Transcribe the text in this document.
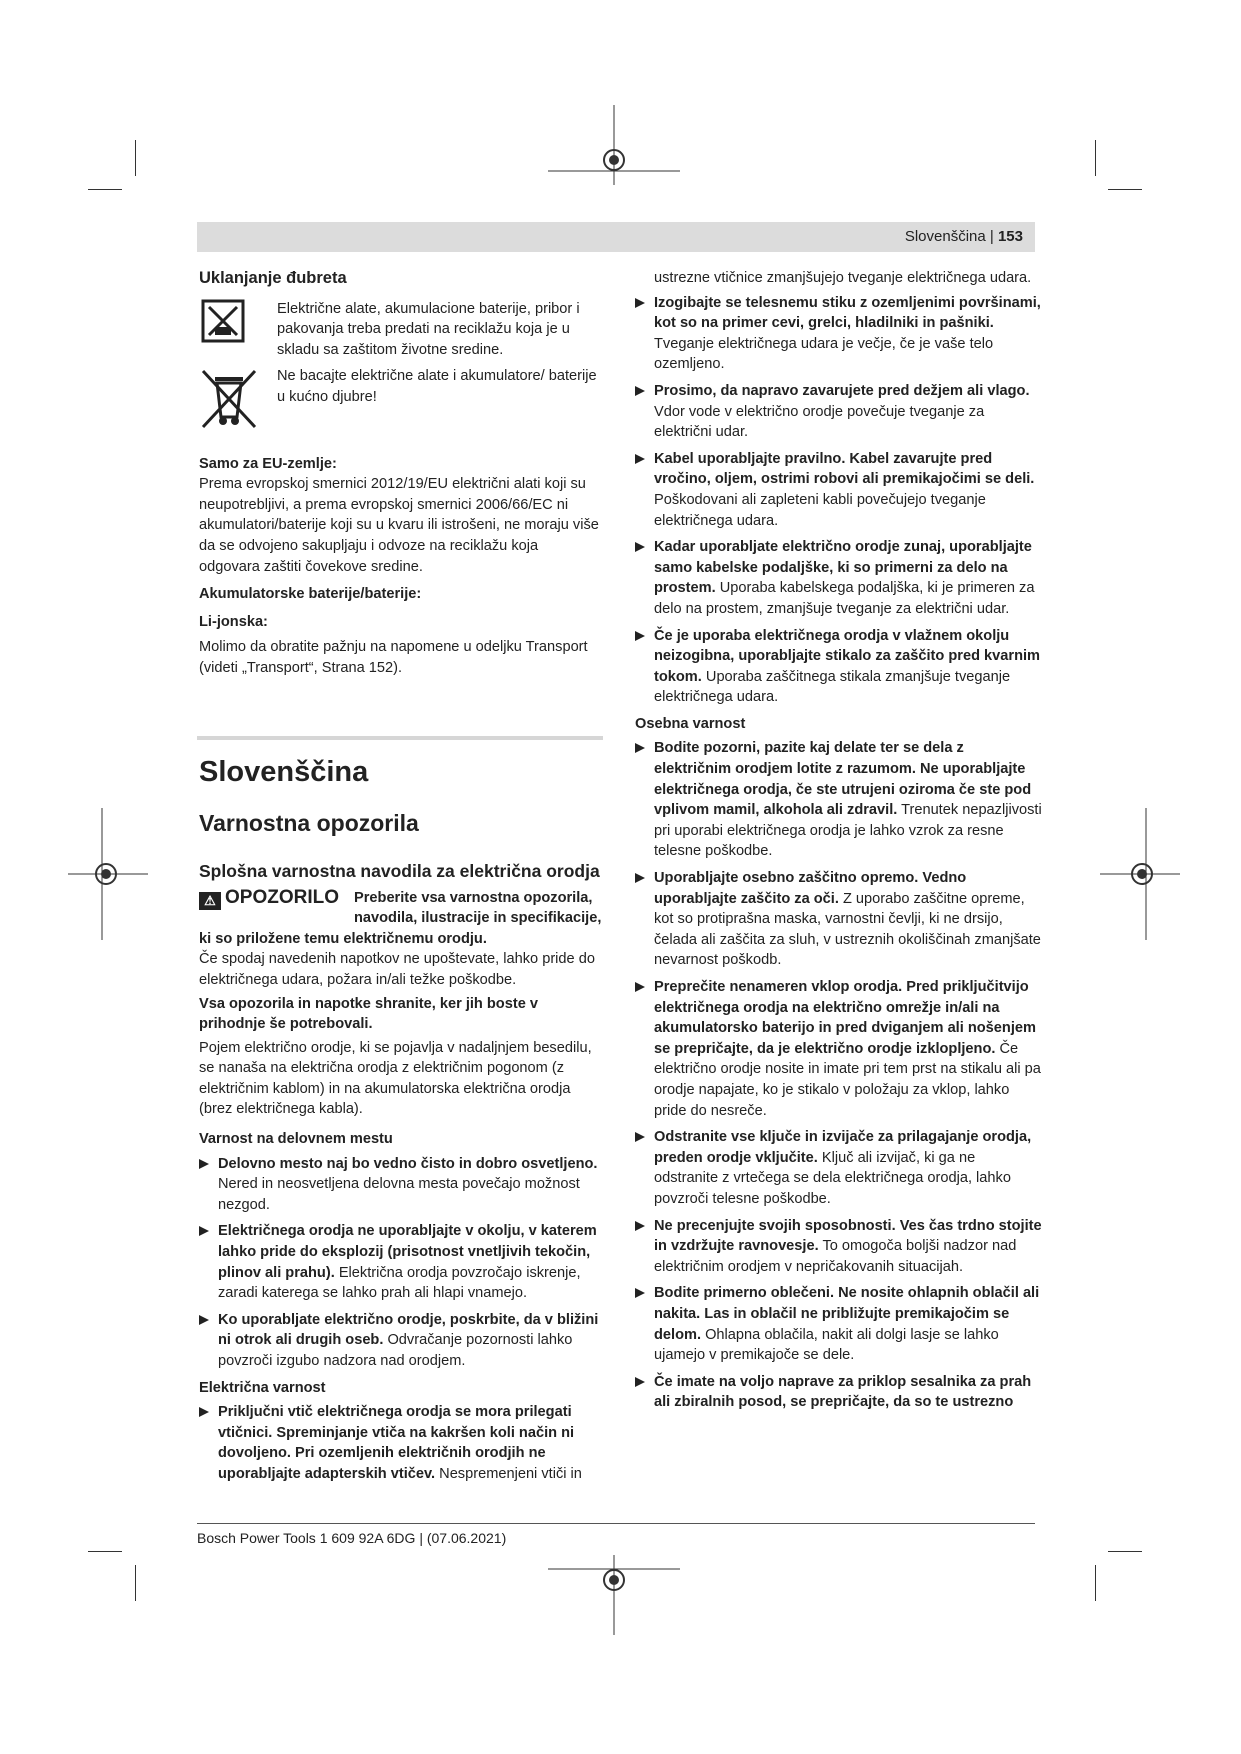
Slovenščina | 153

Uklanjanje đubreta

Električne alate, akumulacione baterije, pribor i pakovanja treba predati na reciklažu koja je u skladu sa zaštitom životne sredine.

Ne bacajte električne alate i akumulatore/ baterije u kućno djubre!

Samo za EU-zemlje:

Prema evropskoj smernici 2012/19/EU električni alati koji su neupotrebljivi, a prema evropskoj smernici 2006/66/EC ni akumulatori/baterije koji su u kvaru ili istrošeni, ne moraju više da se odvojeno sakupljaju i odvoze na reciklažu koja odgovara zaštiti čovekove sredine.

Akumulatorske baterije/baterije:

Li-jonska:

Molimo da obratite pažnju na napomene u odeljku Transport (videti „Transport“, Strana 152).

Slovenščina

Varnostna opozorila

Splošna varnostna navodila za električna orodja

⚠ OPOZORILO	Preberite vsa varnostna opozorila, navodila, ilustracije in specifikacije, ki so priložene temu električnemu orodju.

Če spodaj navedenih napotkov ne upoštevate, lahko pride do električnega udara, požara in/ali težke poškodbe.

Vsa opozorila in napotke shranite, ker jih boste v prihodnje še potrebovali.

Pojem električno orodje, ki se pojavlja v nadaljnjem besedilu, se nanaša na električna orodja z električnim pogonom (z električnim kablom) in na akumulatorska električna orodja (brez električnega kabla).

Varnost na delovnem mestu

Delovno mesto naj bo vedno čisto in dobro osvetljeno. Nered in neosvetljena delovna mesta povečajo možnost nezgod.

Električnega orodja ne uporabljajte v okolju, v katerem lahko pride do eksplozij (prisotnost vnetljivih tekočin, plinov ali prahu). Električna orodja povzročajo iskrenje, zaradi katerega se lahko prah ali hlapi vnamejo.

Ko uporabljate električno orodje, poskrbite, da v bližini ni otrok ali drugih oseb. Odvračanje pozornosti lahko povzroči izgubo nadzora nad orodjem.

Električna varnost

Priključni vtič električnega orodja se mora prilegati vtičnici. Spreminjanje vtiča na kakršen koli način ni dovoljeno. Pri ozemljenih električnih orodjih ne uporabljajte adapterskih vtičev. Nespremenjeni vtiči in

ustrezne vtičnice zmanjšujejo tveganje električnega udara.

Izogibajte se telesnemu stiku z ozemljenimi površinami, kot so na primer cevi, grelci, hladilniki in pašniki. Tveganje električnega udara je večje, če je vaše telo ozemljeno.

Prosimo, da napravo zavarujete pred dežjem ali vlago. Vdor vode v električno orodje povečuje tveganje za električni udar.

Kabel uporabljajte pravilno. Kabel zavarujte pred vročino, oljem, ostrimi robovi ali premikajočimi se deli. Poškodovani ali zapleteni kabli povečujejo tveganje električnega udara.

Kadar uporabljate električno orodje zunaj, uporabljajte samo kabelske podaljške, ki so primerni za delo na prostem. Uporaba kabelskega podaljška, ki je primeren za delo na prostem, zmanjšuje tveganje za električni udar.

Če je uporaba električnega orodja v vlažnem okolju neizogibna, uporabljajte stikalo za zaščito pred kvarnim tokom. Uporaba zaščitnega stikala zmanjšuje tveganje električnega udara.

Osebna varnost

Bodite pozorni, pazite kaj delate ter se dela z električnim orodjem lotite z razumom. Ne uporabljajte električnega orodja, če ste utrujeni oziroma če ste pod vplivom mamil, alkohola ali zdravil. Trenutek nepazljivosti pri uporabi električnega orodja je lahko vzrok za resne telesne poškodbe.

Uporabljajte osebno zaščitno opremo. Vedno uporabljajte zaščito za oči. Z uporabo zaščitne opreme, kot so protiprašna maska, varnostni čevlji, ki ne drsijo, čelada ali zaščita za sluh, v ustreznih okoliščinah zmanjšate nevarnost poškodb.

Preprečite nenameren vklop orodja. Pred priključitvijo električnega orodja na električno omrežje in/ali na akumulatorsko baterijo in pred dviganjem ali nošenjem se prepričajte, da je električno orodje izklopljeno. Če električno orodje nosite in imate pri tem prst na stikalu ali pa orodje napajate, ko je stikalo v položaju za vklop, lahko pride do nesreče.

Odstranite vse ključe in izvijače za prilagajanje orodja, preden orodje vključite. Ključ ali izvijač, ki ga ne odstranite z vrtečega se dela električnega orodja, lahko povzroči telesne poškodbe.

Ne precenjujte svojih sposobnosti. Ves čas trdno stojite in vzdržujte ravnovesje. To omogoča boljši nadzor nad električnim orodjem v nepričakovanih situacijah.

Bodite primerno oblečeni. Ne nosite ohlapnih oblačil ali nakita. Las in oblačil ne približujte premikajočim se delom. Ohlapna oblačila, nakit ali dolgi lasje se lahko ujamejo v premikajoče se dele.

Če imate na voljo naprave za priklop sesalnika za prah ali zbiralnih posod, se prepričajte, da so te ustrezno

Bosch Power Tools 1 609 92A 6DG | (07.06.2021)
